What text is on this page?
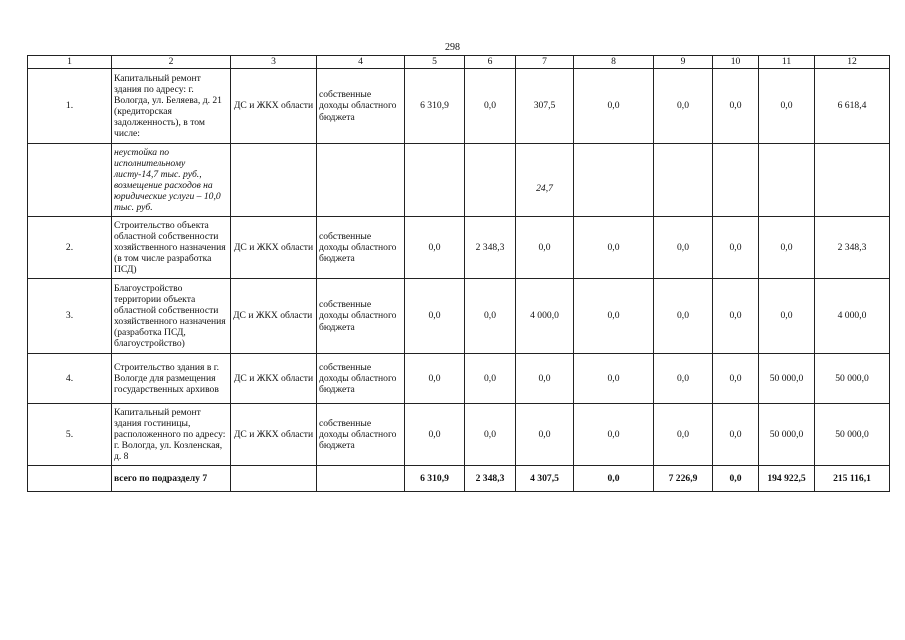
298
1	2	3	4	5	6	7	8	9	10	11	12
1.	Капитальный ремонт здания по адресу: г. Вологда, ул. Беляева, д. 21 (кредиторская задолженность), в том числе:	ДС и ЖКХ области	собственные доходы областного бюджета	6 310,9	0,0	307,5	0,0	0,0	0,0	0,0	6 618,4
	неустойка по исполнительному листу-14,7 тыс. руб., возмещение расходов на юридические услуги – 10,0 тыс. руб.					24,7					

2.	Строительство объекта областной собственности хозяйственного назначения (в том числе разработка ПСД)	ДС и ЖКХ области	собственные доходы областного бюджета	0,0	2 348,3	0,0	0,0	0,0	0,0	0,0	2 348,3
3.	Благоустройство территории объекта областной собственности хозяйственного назначения (разработка ПСД, благоустройство)	ДС и ЖКХ области	собственные доходы областного бюджета	0,0	0,0	4 000,0	0,0	0,0	0,0	0,0	4 000,0
4.	Строительство здания в г. Вологде для размещения государственных архивов	ДС и ЖКХ области	собственные доходы областного бюджета	0,0	0,0	0,0	0,0	0,0	0,0	50 000,0	50 000,0
5.	Капитальный ремонт здания гостиницы, расположенного по адресу: г. Вологда, ул. Козленская, д. 8	ДС и ЖКХ области	собственные доходы областного бюджета	0,0	0,0	0,0	0,0	0,0	0,0	50 000,0	50 000,0
	всего по подразделу 7			6 310,9	2 348,3	4 307,5	0,0	7 226,9	0,0	194 922,5	215 116,1
